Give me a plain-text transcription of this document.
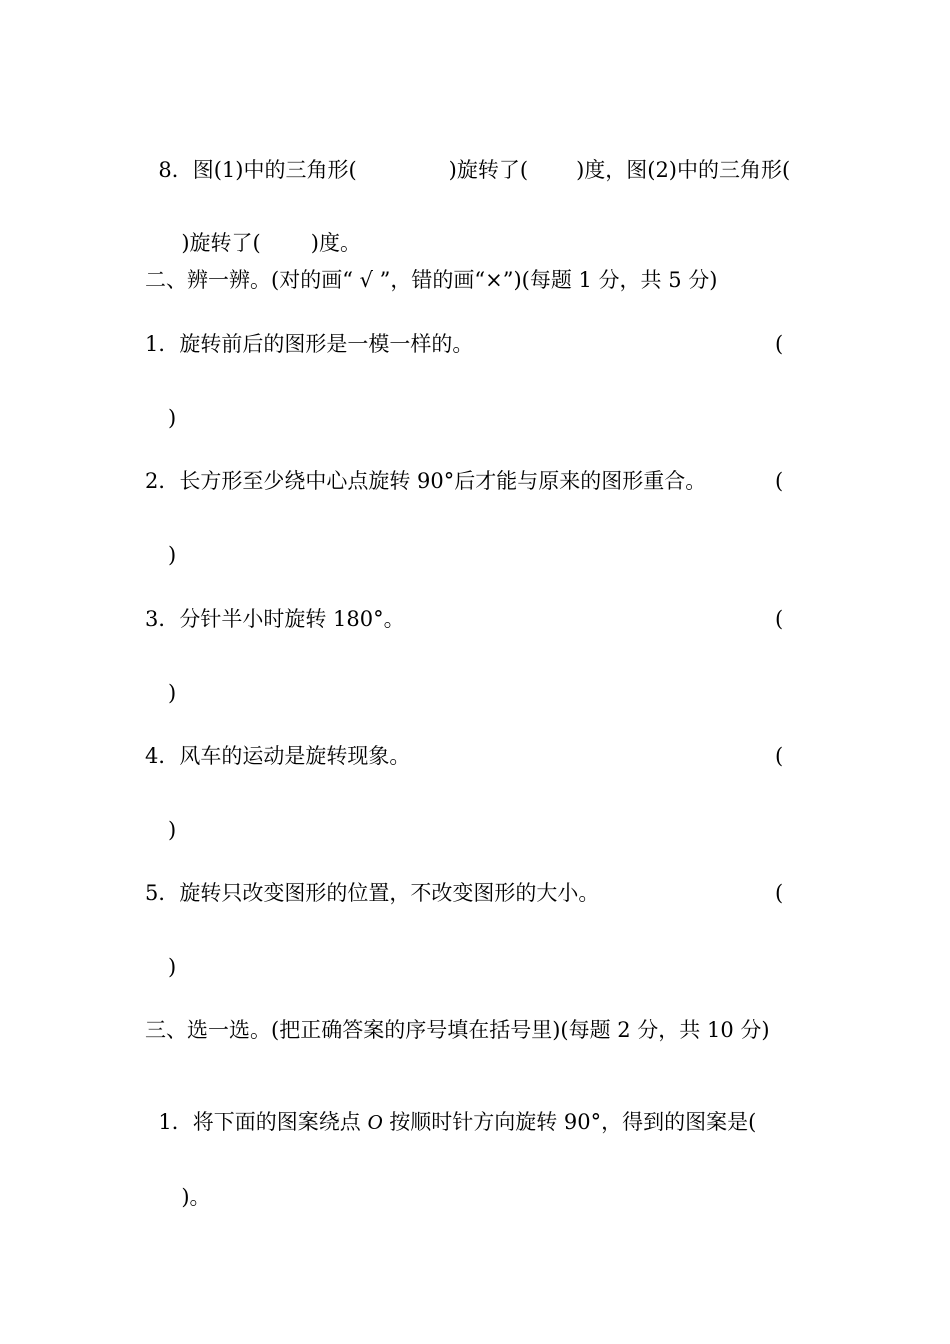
8．图(1)中的三角形(	)旋转了( )度，图(2)中的三角形(

)旋转了( )度。

二、辨一辨。(对的画“ √ ”，错的画“×”)(每题 1 分，共 5 分)
1．旋转前后的图形是一模一样的。	(
)
2．长方形至少绕中心点旋转 90°后才能与原来的图形重合。	(
)
3．分针半小时旋转 180°。	(
)
4．风车的运动是旋转现象。	(
)
5．旋转只改变图形的位置，不改变图形的大小。	(
)
三、选一选。(把正确答案的序号填在括号里)(每题 2 分，共 10 分)

1．将下面的图案绕点 O 按顺时针方向旋转 90°，得到的图案是(

)。
